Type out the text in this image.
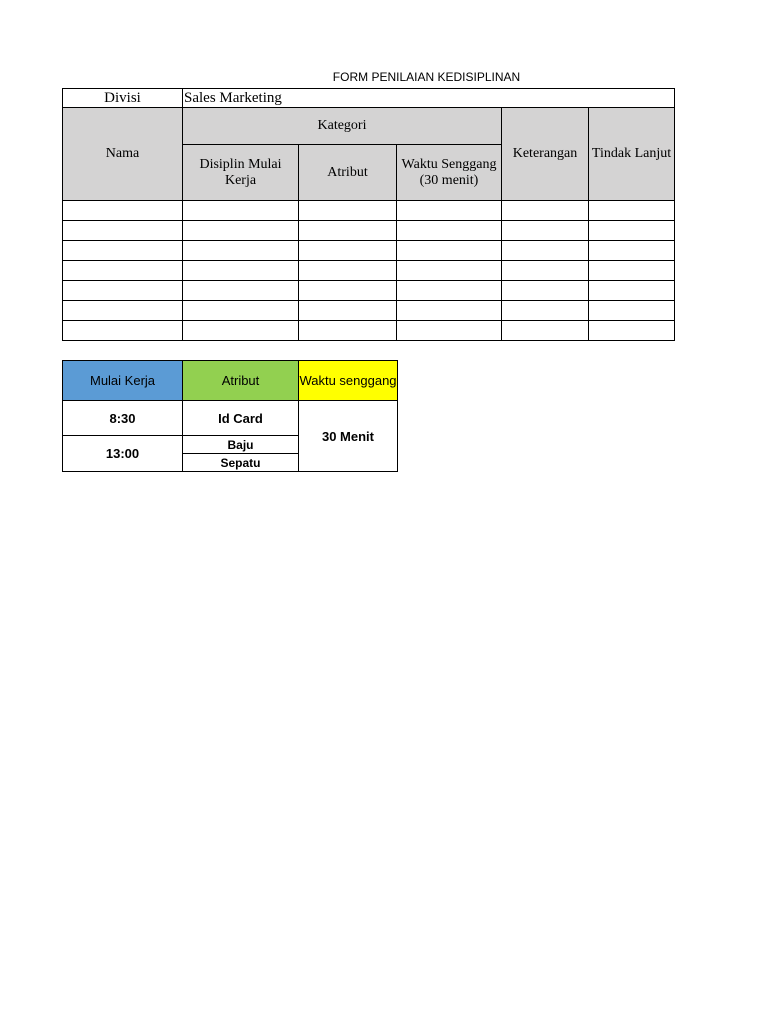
FORM PENILAIAN KEDISIPLINAN
Divisi	Sales Marketing				
Nama	Kategori			Keterangan	Tindak Lanjut
	Disiplin Mulai Kerja	Atribut	Waktu Senggang (30 menit)		

Mulai Kerja	Atribut	Waktu senggang
8:30	Id Card	30 Menit
13:00	Baju	
	Sepatu	
